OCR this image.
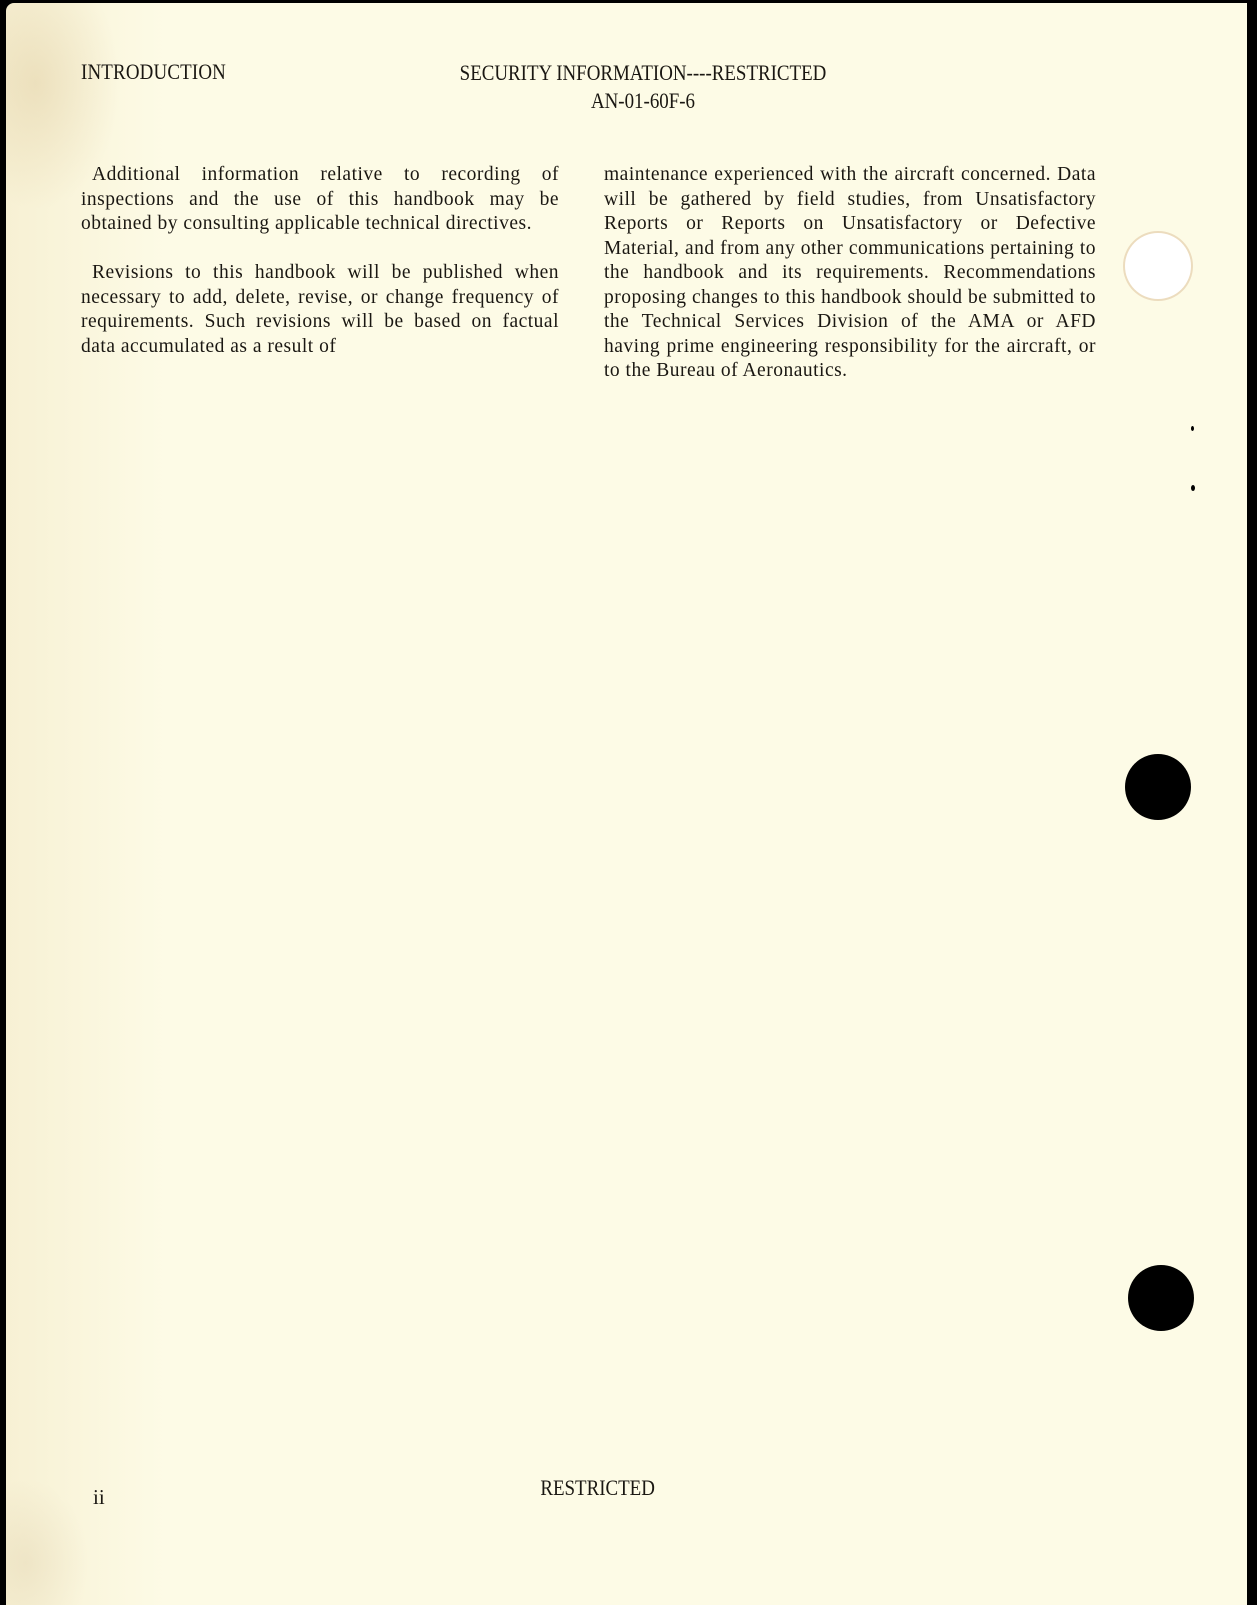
INTRODUCTION	SECURITY INFORMATION----RESTRICTED
AN-01-60F-6

Additional information relative to recording of inspections and the use of this handbook may be obtained by consulting applicable technical directives.

Revisions to this handbook will be published when necessary to add, delete, revise, or change frequency of requirements. Such revisions will be based on factual data accumulated as a result of

maintenance experienced with the aircraft concerned. Data will be gathered by field studies, from Unsatisfactory Reports or Reports on Unsatisfactory or Defective Material, and from any other communications pertaining to the handbook and its requirements. Recommendations proposing changes to this handbook should be submitted to the Technical Services Division of the AMA or AFD having prime engineering responsibility for the aircraft, or to the Bureau of Aeronautics.

ii	RESTRICTED
